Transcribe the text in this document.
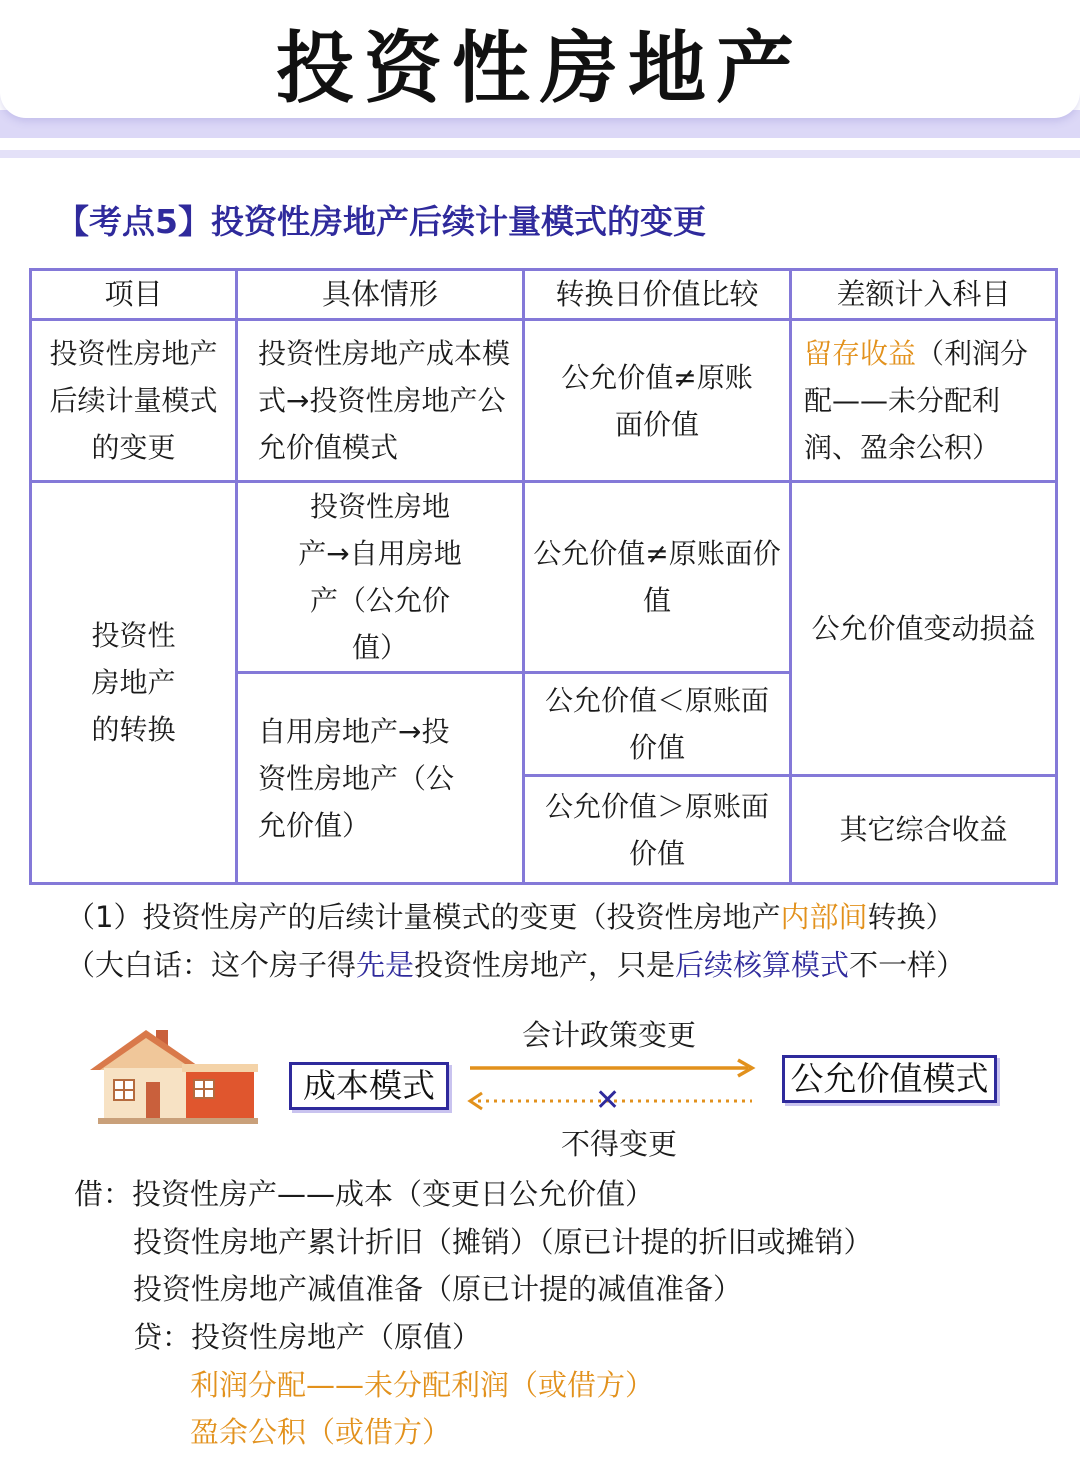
投资性房地产
【考点5】投资性房地产后续计量模式的变更
项目	具体情形	转换日价值比较	差额计入科目
投资性房地产后续计量模式的变更	投资性房地产成本模式→投资性房地产公允价值模式	公允价值≠原账面价值	留存收益（利润分配——未分配利润、盈余公积）
投资性房地产的转换	投资性房地产→自用房地产（公允价值）	公允价值≠原账面价值	公允价值变动损益
	自用房地产→投资性房地产（公允价值）	公允价值＜原账面价值	
		公允价值＞原账面价值	其它综合收益
（1）投资性房产的后续计量模式的变更（投资性房地产内部间转换）
（大白话：这个房子得先是投资性房地产，只是后续核算模式不一样）
成本模式	公允价值模式
会计政策变更
不得变更
✕
借：投资性房产——成本（变更日公允价值）
投资性房地产累计折旧（摊销）（原已计提的折旧或摊销）
投资性房地产减值准备（原已计提的减值准备）
贷：投资性房地产（原值）
利润分配——未分配利润（或借方）
盈余公积（或借方）
